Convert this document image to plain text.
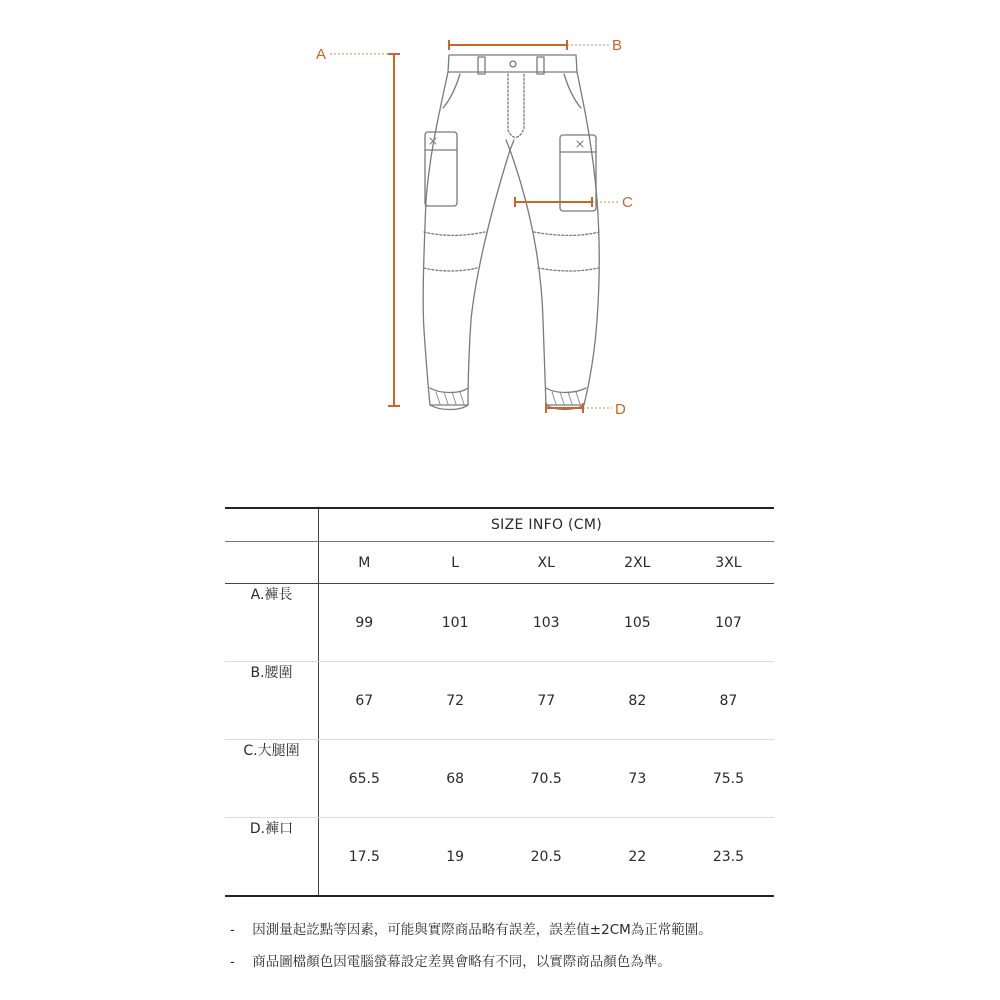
A
B
C
D
	SIZE INFO (CM)				
	M	L	XL	2XL	3XL
A.褲長	99	101	103	105	107
B.腰圍	67	72	77	82	87
C.大腿圍	65.5	68	70.5	73	75.5
D.褲口	17.5	19	20.5	22	23.5
- 因測量起訖點等因素，可能與實際商品略有誤差，誤差值±2CM為正常範圍。
- 商品圖檔顏色因電腦螢幕設定差異會略有不同，以實際商品顏色為準。
